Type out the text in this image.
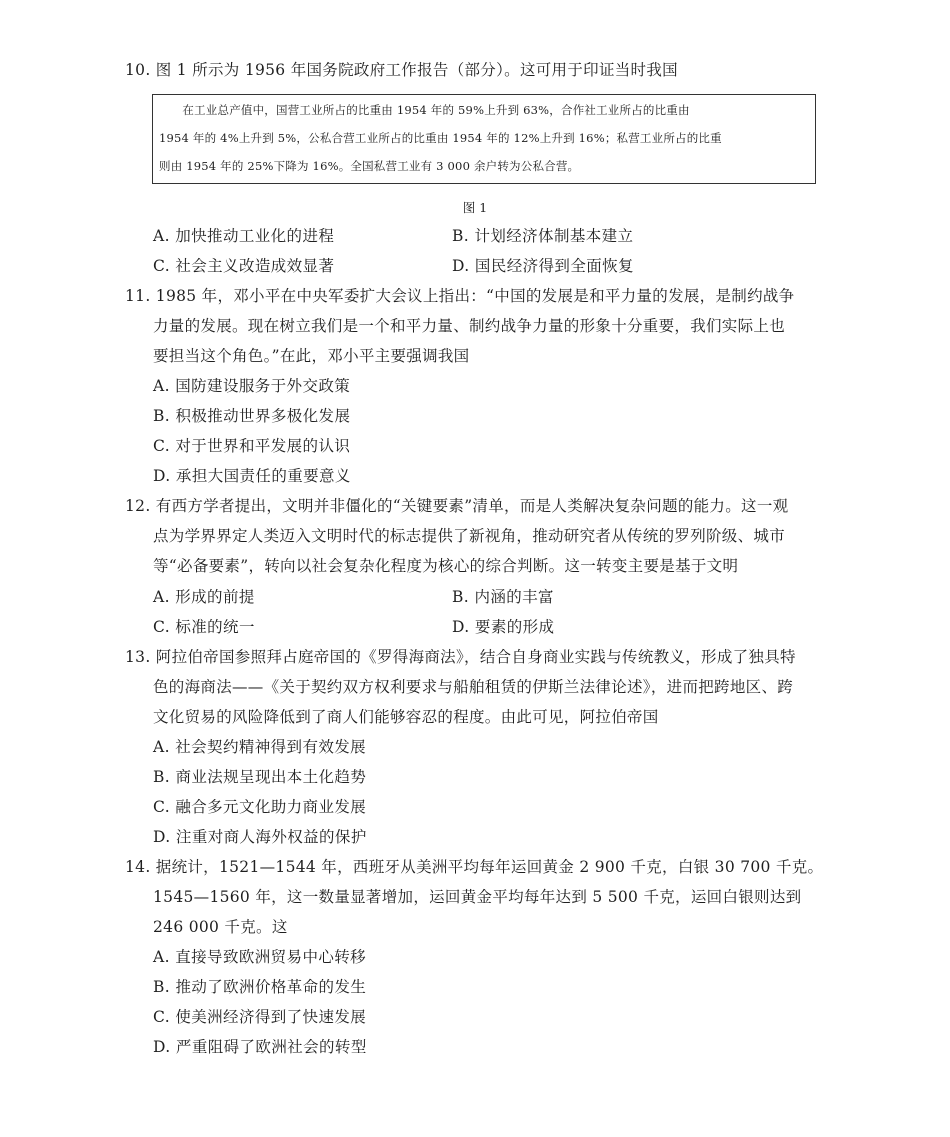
10. 图 1 所示为 1956 年国务院政府工作报告（部分）。这可用于印证当时我国
　　在工业总产值中，国营工业所占的比重由 1954 年的 59%上升到 63%，合作社工业所占的比重由
1954 年的 4%上升到 5%，公私合营工业所占的比重由 1954 年的 12%上升到 16%；私营工业所占的比重
则由 1954 年的 25%下降为 16%。全国私营工业有 3 000 余户转为公私合营。
图 1
A. 加快推动工业化的进程	B. 计划经济体制基本建立
C. 社会主义改造成效显著	D. 国民经济得到全面恢复
11. 1985 年，邓小平在中央军委扩大会议上指出：“中国的发展是和平力量的发展，是制约战争
力量的发展。现在树立我们是一个和平力量、制约战争力量的形象十分重要，我们实际上也
要担当这个角色。”在此，邓小平主要强调我国
A. 国防建设服务于外交政策
B. 积极推动世界多极化发展
C. 对于世界和平发展的认识
D. 承担大国责任的重要意义
12. 有西方学者提出，文明并非僵化的“关键要素”清单，而是人类解决复杂问题的能力。这一观
点为学界界定人类迈入文明时代的标志提供了新视角，推动研究者从传统的罗列阶级、城市
等“必备要素”，转向以社会复杂化程度为核心的综合判断。这一转变主要是基于文明
A. 形成的前提	B. 内涵的丰富
C. 标准的统一	D. 要素的形成
13. 阿拉伯帝国参照拜占庭帝国的《罗得海商法》，结合自身商业实践与传统教义，形成了独具特
色的海商法——《关于契约双方权利要求与船舶租赁的伊斯兰法律论述》，进而把跨地区、跨
文化贸易的风险降低到了商人们能够容忍的程度。由此可见，阿拉伯帝国
A. 社会契约精神得到有效发展
B. 商业法规呈现出本土化趋势
C. 融合多元文化助力商业发展
D. 注重对商人海外权益的保护
14. 据统计，1521—1544 年，西班牙从美洲平均每年运回黄金 2 900 千克，白银 30 700 千克。
1545—1560 年，这一数量显著增加，运回黄金平均每年达到 5 500 千克，运回白银则达到
246 000 千克。这
A. 直接导致欧洲贸易中心转移
B. 推动了欧洲价格革命的发生
C. 使美洲经济得到了快速发展
D. 严重阻碍了欧洲社会的转型
